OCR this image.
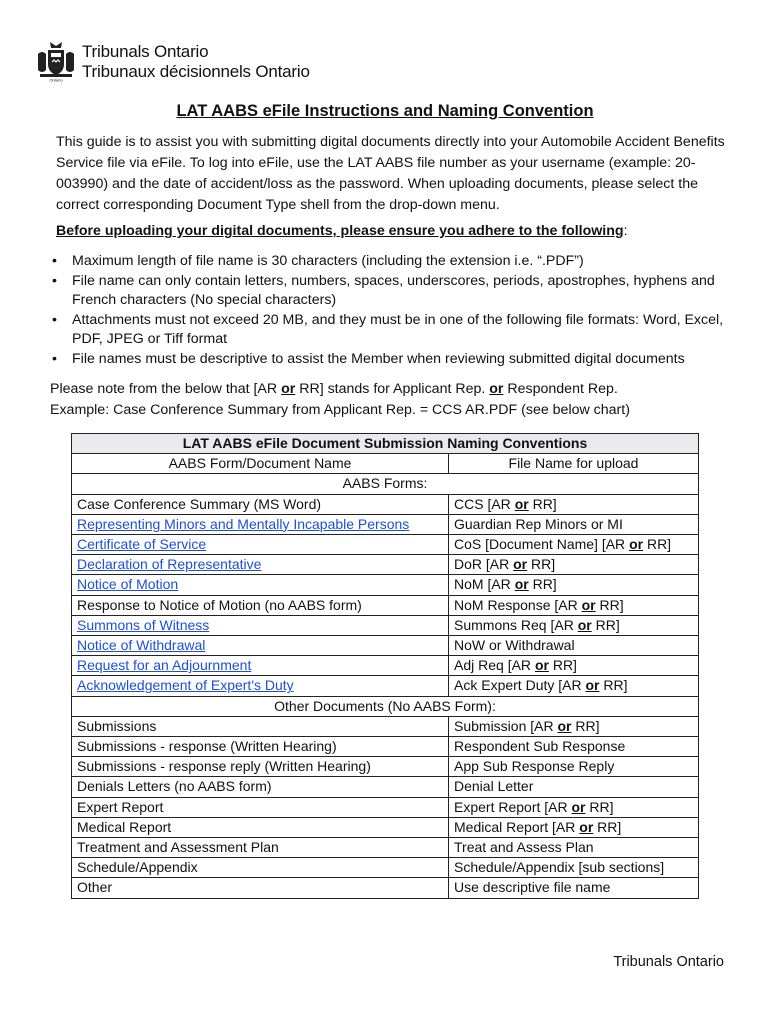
Ontario
Tribunals Ontario
Tribunaux décisionnels Ontario
LAT AABS eFile Instructions and Naming Convention
This guide is to assist you with submitting digital documents directly into your Automobile Accident Benefits Service file via eFile. To log into eFile, use the LAT AABS file number as your username (example: 20-003990) and the date of accident/loss as the password. When uploading documents, please select the correct corresponding Document Type shell from the drop-down menu.
Before uploading your digital documents, please ensure you adhere to the following:
• Maximum length of file name is 30 characters (including the extension i.e. “.PDF”)
• File name can only contain letters, numbers, spaces, underscores, periods, apostrophes, hyphens and French characters (No special characters)
• Attachments must not exceed 20 MB, and they must be in one of the following file formats: Word, Excel, PDF, JPEG or Tiff format
• File names must be descriptive to assist the Member when reviewing submitted digital documents
Please note from the below that [AR or RR] stands for Applicant Rep. or Respondent Rep.
Example: Case Conference Summary from Applicant Rep. = CCS AR.PDF (see below chart)
LAT AABS eFile Document Submission Naming Conventions	
AABS Form/Document Name	File Name for upload
AABS Forms:	
Case Conference Summary (MS Word)	CCS [AR or RR]
Representing Minors and Mentally Incapable Persons	Guardian Rep Minors or MI
Certificate of Service	CoS [Document Name] [AR or RR]
Declaration of Representative	DoR [AR or RR]
Notice of Motion	NoM [AR or RR]
Response to Notice of Motion (no AABS form)	NoM Response [AR or RR]
Summons of Witness	Summons Req [AR or RR]
Notice of Withdrawal	NoW or Withdrawal
Request for an Adjournment	Adj Req [AR or RR]
Acknowledgement of Expert's Duty	Ack Expert Duty [AR or RR]
Other Documents (No AABS Form):	
Submissions	Submission [AR or RR]
Submissions - response (Written Hearing)	Respondent Sub Response
Submissions - response reply (Written Hearing)	App Sub Response Reply
Denials Letters (no AABS form)	Denial Letter
Expert Report	Expert Report [AR or RR]
Medical Report	Medical Report [AR or RR]
Treatment and Assessment Plan	Treat and Assess Plan
Schedule/Appendix	Schedule/Appendix [sub sections]
Other	Use descriptive file name
Tribunals Ontario
